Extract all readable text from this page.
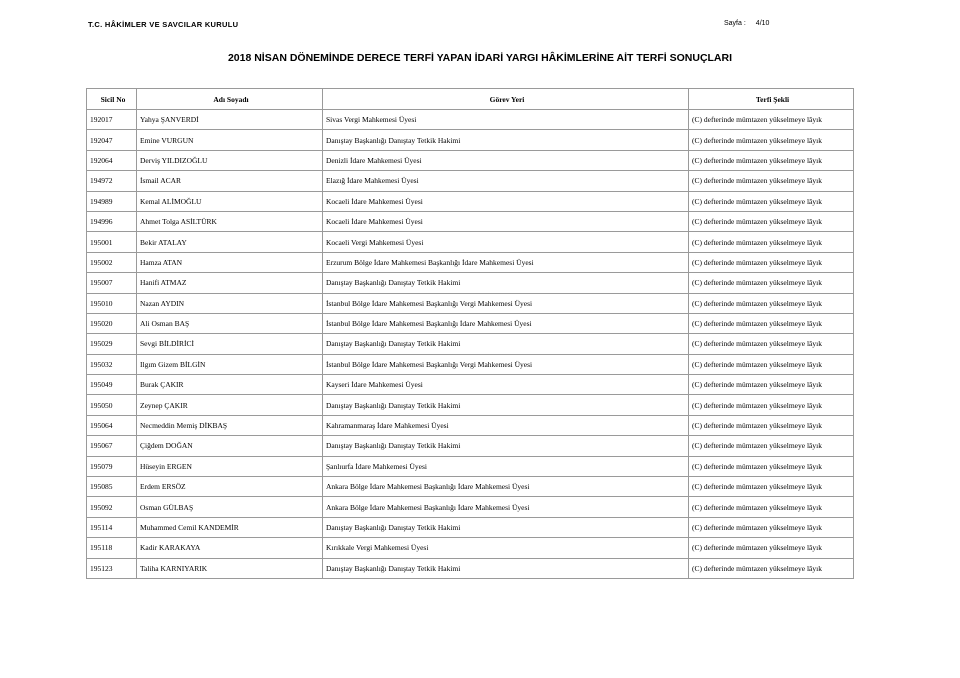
T.C. HÂKİMLER VE SAVCILAR KURULU	Sayfa : 4/10
2018 NİSAN DÖNEMİNDE DERECE TERFİ YAPAN İDARİ YARGI HÂKİMLERİNE AİT TERFİ SONUÇLARI
Sicil No	Adı Soyadı	Görev Yeri	Terfi Şekli
192017	Yahya ŞANVERDİ	Sivas Vergi Mahkemesi Üyesi	(C) defterinde mümtazen yükselmeye lâyık
192047	Emine VURGUN	Danıştay Başkanlığı Danıştay Tetkik Hakimi	(C) defterinde mümtazen yükselmeye lâyık
192064	Derviş YILDIZOĞLU	Denizli İdare Mahkemesi Üyesi	(C) defterinde mümtazen yükselmeye lâyık
194972	İsmail ACAR	Elazığ İdare Mahkemesi Üyesi	(C) defterinde mümtazen yükselmeye lâyık
194989	Kemal ALİMOĞLU	Kocaeli İdare Mahkemesi Üyesi	(C) defterinde mümtazen yükselmeye lâyık
194996	Ahmet Tolga ASİLTÜRK	Kocaeli İdare Mahkemesi Üyesi	(C) defterinde mümtazen yükselmeye lâyık
195001	Bekir ATALAY	Kocaeli Vergi Mahkemesi Üyesi	(C) defterinde mümtazen yükselmeye lâyık
195002	Hamza ATAN	Erzurum Bölge İdare Mahkemesi Başkanlığı İdare Mahkemesi Üyesi	(C) defterinde mümtazen yükselmeye lâyık
195007	Hanifi ATMAZ	Danıştay Başkanlığı Danıştay Tetkik Hakimi	(C) defterinde mümtazen yükselmeye lâyık
195010	Nazan AYDIN	İstanbul Bölge İdare Mahkemesi Başkanlığı Vergi Mahkemesi Üyesi	(C) defterinde mümtazen yükselmeye lâyık
195020	Ali Osman BAŞ	İstanbul Bölge İdare Mahkemesi Başkanlığı İdare Mahkemesi Üyesi	(C) defterinde mümtazen yükselmeye lâyık
195029	Sevgi BİLDİRİCİ	Danıştay Başkanlığı Danıştay Tetkik Hakimi	(C) defterinde mümtazen yükselmeye lâyık
195032	Ilgım Gizem BİLGİN	İstanbul Bölge İdare Mahkemesi Başkanlığı Vergi Mahkemesi Üyesi	(C) defterinde mümtazen yükselmeye lâyık
195049	Burak ÇAKIR	Kayseri İdare Mahkemesi Üyesi	(C) defterinde mümtazen yükselmeye lâyık
195050	Zeynep ÇAKIR	Danıştay Başkanlığı Danıştay Tetkik Hakimi	(C) defterinde mümtazen yükselmeye lâyık
195064	Necmeddin Memiş DİKBAŞ	Kahramanmaraş İdare Mahkemesi Üyesi	(C) defterinde mümtazen yükselmeye lâyık
195067	Çiğdem DOĞAN	Danıştay Başkanlığı Danıştay Tetkik Hakimi	(C) defterinde mümtazen yükselmeye lâyık
195079	Hüseyin ERGEN	Şanlıurfa İdare Mahkemesi Üyesi	(C) defterinde mümtazen yükselmeye lâyık
195085	Erdem ERSÖZ	Ankara Bölge İdare Mahkemesi Başkanlığı İdare Mahkemesi Üyesi	(C) defterinde mümtazen yükselmeye lâyık
195092	Osman GÜLBAŞ	Ankara Bölge İdare Mahkemesi Başkanlığı İdare Mahkemesi Üyesi	(C) defterinde mümtazen yükselmeye lâyık
195114	Muhammed Cemil KANDEMİR	Danıştay Başkanlığı Danıştay Tetkik Hakimi	(C) defterinde mümtazen yükselmeye lâyık
195118	Kadir KARAKAYA	Kırıkkale Vergi Mahkemesi Üyesi	(C) defterinde mümtazen yükselmeye lâyık
195123	Taliha KARNIYARIK	Danıştay Başkanlığı Danıştay Tetkik Hakimi	(C) defterinde mümtazen yükselmeye lâyık
